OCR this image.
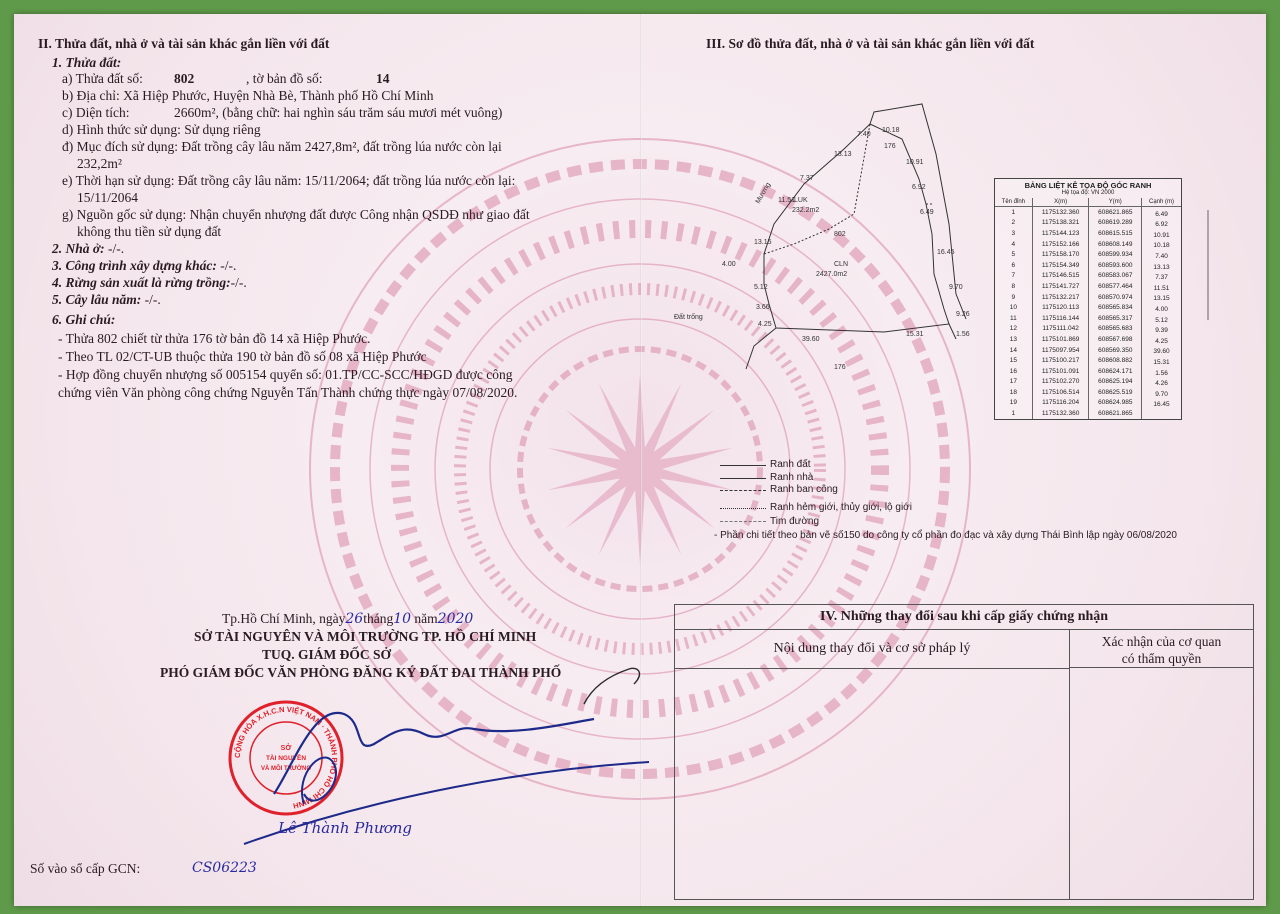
II. Thửa đất, nhà ở và tài sản khác gắn liền với đất
1. Thửa đất:
a) Thửa đất số: 802	, tờ bản đồ số:	14
b) Địa chỉ: Xã Hiệp Phước, Huyện Nhà Bè, Thành phố Hồ Chí Minh
c) Diện tích:	2660m², (bằng chữ: hai nghìn sáu trăm sáu mươi mét vuông)
d) Hình thức sử dụng: Sử dụng riêng
đ) Mục đích sử dụng: Đất trồng cây lâu năm 2427,8m², đất trồng lúa nước còn lại
232,2m²
e) Thời hạn sử dụng: Đất trồng cây lâu năm: 15/11/2064; đất trồng lúa nước còn lại:
15/11/2064
g) Nguồn gốc sử dụng: Nhận chuyển nhượng đất được Công nhận QSDĐ như giao đất
không thu tiền sử dụng đất
2. Nhà ở: -/-.
3. Công trình xây dựng khác: -/-.
4. Rừng sản xuất là rừng trồng:-/-.
5. Cây lâu năm: -/-.
6. Ghi chú:
- Thửa 802 chiết từ thửa 176 tờ bản đồ 14 xã Hiệp Phước.
- Theo TL 02/CT-UB thuộc thửa 190 tờ bản đồ số 08 xã Hiệp Phước
- Hợp đồng chuyển nhượng số 005154 quyển số: 01.TP/CC-SCC/HĐGD được công
chứng viên Văn phòng công chứng Nguyễn Tấn Thành chứng thực ngày 07/08/2020.
Tp.Hồ Chí Minh, ngày26tháng10 năm2020
SỞ TÀI NGUYÊN VÀ MÔI TRƯỜNG TP. HỒ CHÍ MINH
TUQ. GIÁM ĐỐC SỞ
PHÓ GIÁM ĐỐC VĂN PHÒNG ĐĂNG KÝ ĐẤT ĐAI THÀNH PHỐ
CỘNG HÒA X.H.C.N VIỆT NAM · THÀNH PHỐ HỒ CHÍ MINH
SỞ
TÀI NGUYÊN
VÀ MÔI TRƯỜNG
Lê Thành Phương
Số vào sổ cấp GCN:	CS06223
III. Sơ đồ thửa đất, nhà ở và tài sản khác gắn liền với đất
176
176
802
LUK
232.2m2
CLN
2427.0m2
Đất trống
Mương
7.40
10.18
13.13
7.37
11.51
10.91
6.92
6.49
16.45
9.70
9.26
1.56
15.31
39.60
4.25
3.66
5.12
4.00
13.15
BẢNG LIỆT KÊ TỌA ĐỘ GÓC RANH
Hệ tọa độ: VN 2000
Tên đỉnh	X(m)	Y(m)	Cạnh (m)
1	1175132.360	608621.865	6.49
2	1175138.321	608619.289	6.92
3	1175144.123	608615.515	10.91
4	1175152.166	608608.149	10.18
5	1175158.170	608599.934	7.40
6	1175154.349	608593.600	13.13
7	1175146.515	608583.067	7.37
8	1175141.727	608577.464	11.51
9	1175132.217	608570.974	13.15
10	1175120.113	608565.834	4.00
11	1175116.144	608565.317	5.12
12	1175111.042	608565.683	9.39
13	1175101.869	608567.698	4.25
14	1175097.954	608569.350	39.60
15	1175100.217	608608.882	15.31
16	1175101.091	608624.171	1.56
17	1175102.270	608625.194	4.26
18	1175106.514	608625.519	9.70
19	1175116.204	608624.985	16.45
1	1175132.360	608621.865	
Ranh đất
Ranh nhà
Ranh ban công
Ranh hẻm giới, thủy giới, lộ giới
Tim đường
- Phần chi tiết theo bản vẽ số150 do công ty cổ phần đo đạc và xây dựng Thái Bình lập ngày 06/08/2020
IV. Những thay đổi sau khi cấp giấy chứng nhận
Nội dung thay đổi và cơ sở pháp lý	Xác nhận của cơ quan
có thẩm quyền
